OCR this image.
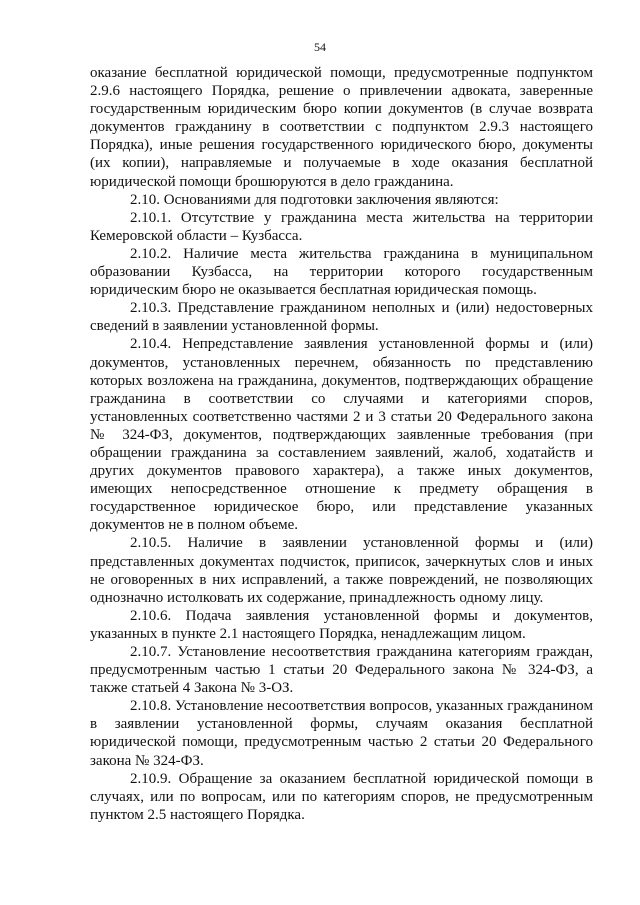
54

оказание бесплатной юридической помощи, предусмотренные подпунктом 2.9.6 настоящего Порядка, решение о привлечении адвоката, заверенные государственным юридическим бюро копии документов (в случае возврата документов гражданину в соответствии с подпунктом 2.9.3 настоящего Порядка), иные решения государственного юридического бюро, документы (их копии), направляемые и получаемые в ходе оказания бесплатной юридической помощи брошюруются в дело гражданина.

2.10. Основаниями для подготовки заключения являются:

2.10.1. Отсутствие у гражданина места жительства на территории Кемеровской области – Кузбасса.

2.10.2. Наличие места жительства гражданина в муниципальном образовании Кузбасса, на территории которого государственным юридическим бюро не оказывается бесплатная юридическая помощь.

2.10.3. Представление гражданином неполных и (или) недостоверных сведений в заявлении установленной формы.

2.10.4. Непредставление заявления установленной формы и (или) документов, установленных перечнем, обязанность по представлению которых возложена на гражданина, документов, подтверждающих обращение гражданина в соответствии со случаями и категориями споров, установленных соответственно частями 2 и 3 статьи 20 Федерального закона № 324-ФЗ, документов, подтверждающих заявленные требования (при обращении гражданина за составлением заявлений, жалоб, ходатайств и других документов правового характера), а также иных документов, имеющих непосредственное отношение к предмету обращения в государственное юридическое бюро, или представление указанных документов не в полном объеме.

2.10.5. Наличие в заявлении установленной формы и (или) представленных документах подчисток, приписок, зачеркнутых слов и иных не оговоренных в них исправлений, а также повреждений, не позволяющих однозначно истолковать их содержание, принадлежность одному лицу.

2.10.6. Подача заявления установленной формы и документов, указанных в пункте 2.1 настоящего Порядка, ненадлежащим лицом.

2.10.7. Установление несоответствия гражданина категориям граждан, предусмотренным частью 1 статьи 20 Федерального закона № 324-ФЗ, а также статьей 4 Закона № 3-ОЗ.

2.10.8. Установление несоответствия вопросов, указанных гражданином в заявлении установленной формы, случаям оказания бесплатной юридической помощи, предусмотренным частью 2 статьи 20 Федерального закона № 324-ФЗ.

2.10.9. Обращение за оказанием бесплатной юридической помощи в случаях, или по вопросам, или по категориям споров, не предусмотренным пунктом 2.5 настоящего Порядка.
